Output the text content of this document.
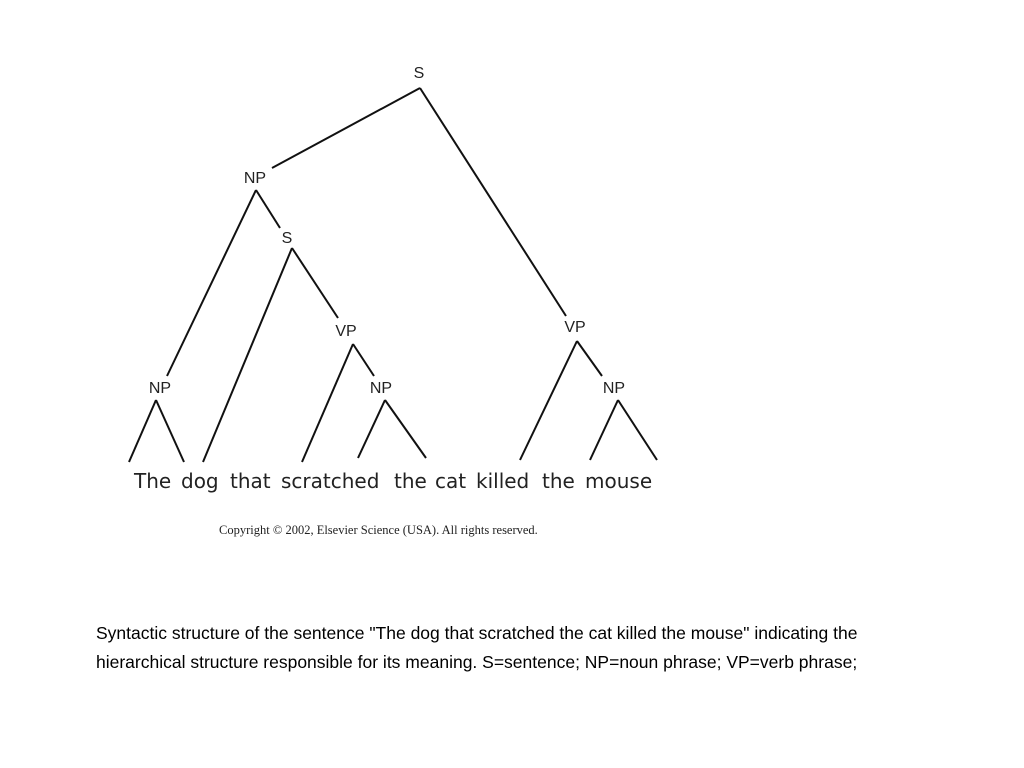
S
NP
S
VP
NP	NP
VP
NP
The dog that scratched the cat killed the mouse
Copyright © 2002, Elsevier Science (USA). All rights reserved.
Syntactic structure of the sentence "The dog that scratched the cat killed the mouse" indicating the
hierarchical structure responsible for its meaning. S=sentence; NP=noun phrase; VP=verb phrase;
